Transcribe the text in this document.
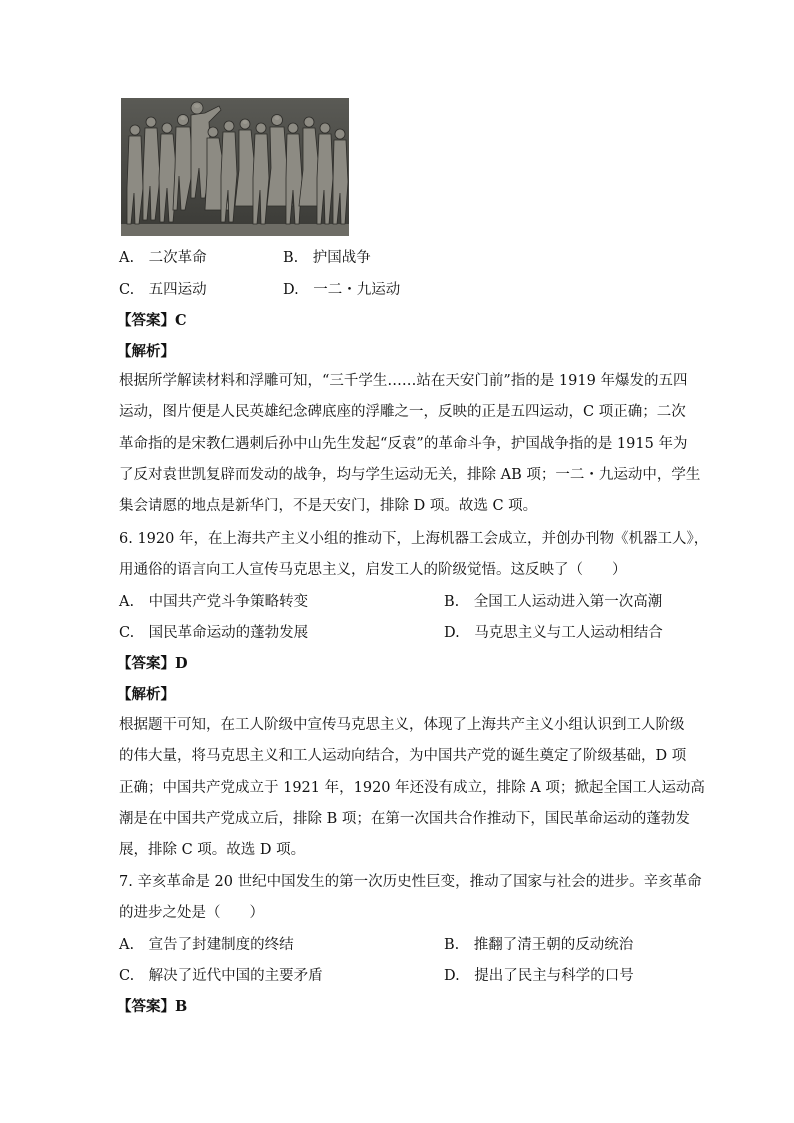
A.　二次革命	B.　护国战争
C.　五四运动	D.　一二・九运动
【答案】C
【解析】
根据所学解读材料和浮雕可知，“三千学生……站在天安门前”指的是 1919 年爆发的五四
运动，图片便是人民英雄纪念碑底座的浮雕之一，反映的正是五四运动，C 项正确；二次
革命指的是宋教仁遇刺后孙中山先生发起“反袁”的革命斗争，护国战争指的是 1915 年为
了反对袁世凯复辟而发动的战争，均与学生运动无关，排除 AB 项；一二・九运动中，学生
集会请愿的地点是新华门，不是天安门，排除 D 项。故选 C 项。
6. 1920 年，在上海共产主义小组的推动下，上海机器工会成立，并创办刊物《机器工人》，
用通俗的语言向工人宣传马克思主义，启发工人的阶级觉悟。这反映了（　　）
A.　中国共产党斗争策略转变	B.　全国工人运动进入第一次高潮
C.　国民革命运动的蓬勃发展	D.　马克思主义与工人运动相结合
【答案】D
【解析】
根据题干可知，在工人阶级中宣传马克思主义，体现了上海共产主义小组认识到工人阶级
的伟大量，将马克思主义和工人运动向结合，为中国共产党的诞生奠定了阶级基础，D 项
正确；中国共产党成立于 1921 年，1920 年还没有成立，排除 A 项；掀起全国工人运动高
潮是在中国共产党成立后，排除 B 项；在第一次国共合作推动下，国民革命运动的蓬勃发
展，排除 C 项。故选 D 项。
7. 辛亥革命是 20 世纪中国发生的第一次历史性巨变，推动了国家与社会的进步。辛亥革命
的进步之处是（　　）
A.　宣告了封建制度的终结	B.　推翻了清王朝的反动统治
C.　解决了近代中国的主要矛盾	D.　提出了民主与科学的口号
【答案】B
